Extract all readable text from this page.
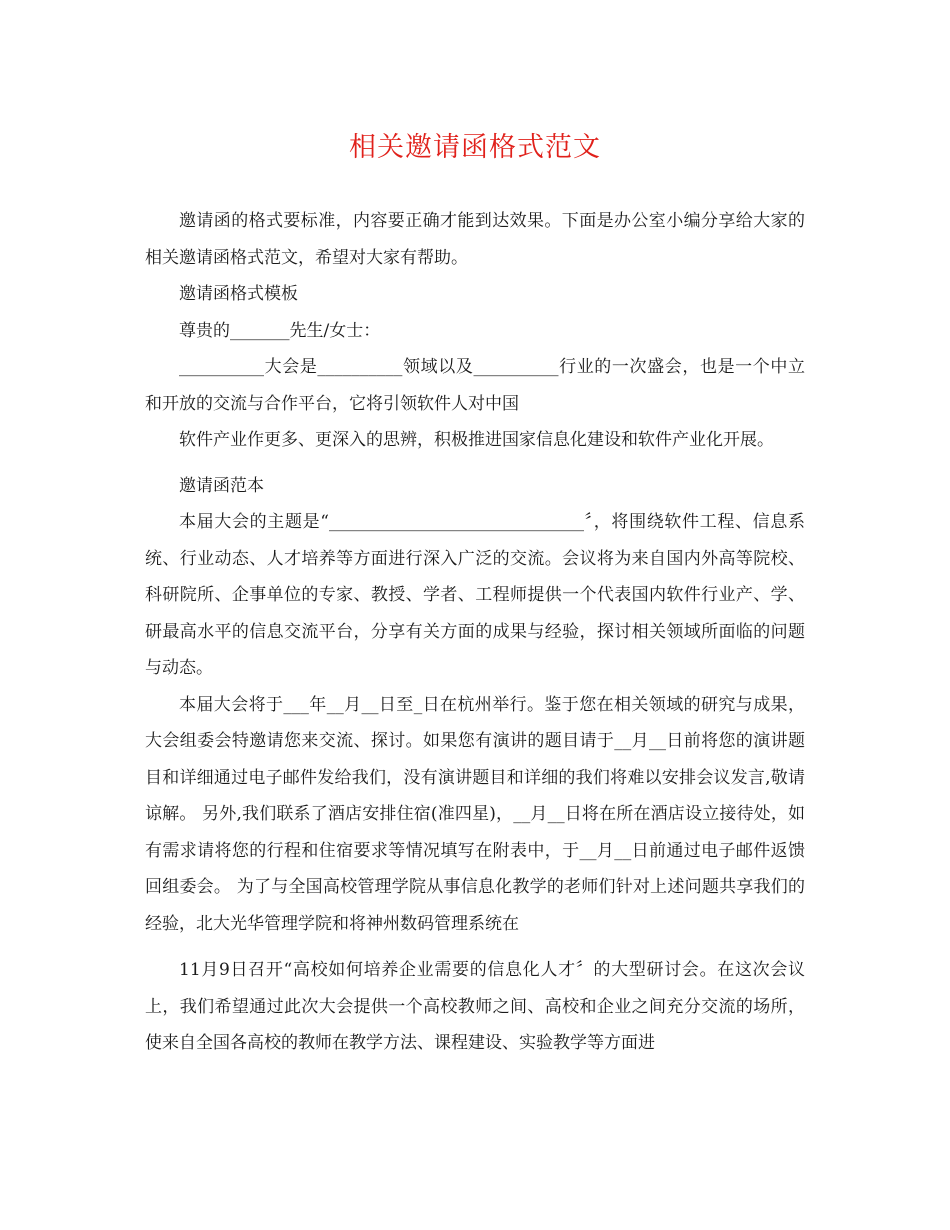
相关邀请函格式范文

邀请函的格式要标准，内容要正确才能到达效果。下面是办公室小编分享给大家的相关邀请函格式范文，希望对大家有帮助。

邀请函格式模板

尊贵的_______先生/女士：

__________大会是__________领域以及__________行业的一次盛会，也是一个中立和开放的交流与合作平台，它将引领软件人对中国

软件产业作更多、更深入的思辨，积极推进国家信息化建设和软件产业化开展。

邀请函范本

本届大会的主题是“______________________________〞，将围绕软件工程、信息系统、行业动态、人才培养等方面进行深入广泛的交流。会议将为来自国内外高等院校、科研院所、企事单位的专家、教授、学者、工程师提供一个代表国内软件行业产、学、研最高水平的信息交流平台，分享有关方面的成果与经验，探讨相关领域所面临的问题与动态。

本届大会将于___年__月__日至_日在杭州举行。鉴于您在相关领域的研究与成果，大会组委会特邀请您来交流、探讨。如果您有演讲的题目请于__月__日前将您的演讲题目和详细通过电子邮件发给我们，没有演讲题目和详细的我们将难以安排会议发言,敬请谅解。 另外,我们联系了酒店安排住宿(准四星)，__月__日将在所在酒店设立接待处，如有需求请将您的行程和住宿要求等情况填写在附表中，于__月__日前通过电子邮件返馈回组委会。 为了与全国高校管理学院从事信息化教学的老师们针对上述问题共享我们的经验，北大光华管理学院和将神州数码管理系统在

11月9日召开“高校如何培养企业需要的信息化人才〞的大型研讨会。在这次会议上，我们希望通过此次大会提供一个高校教师之间、高校和企业之间充分交流的场所，使来自全国各高校的教师在教学方法、课程建设、实验教学等方面进
